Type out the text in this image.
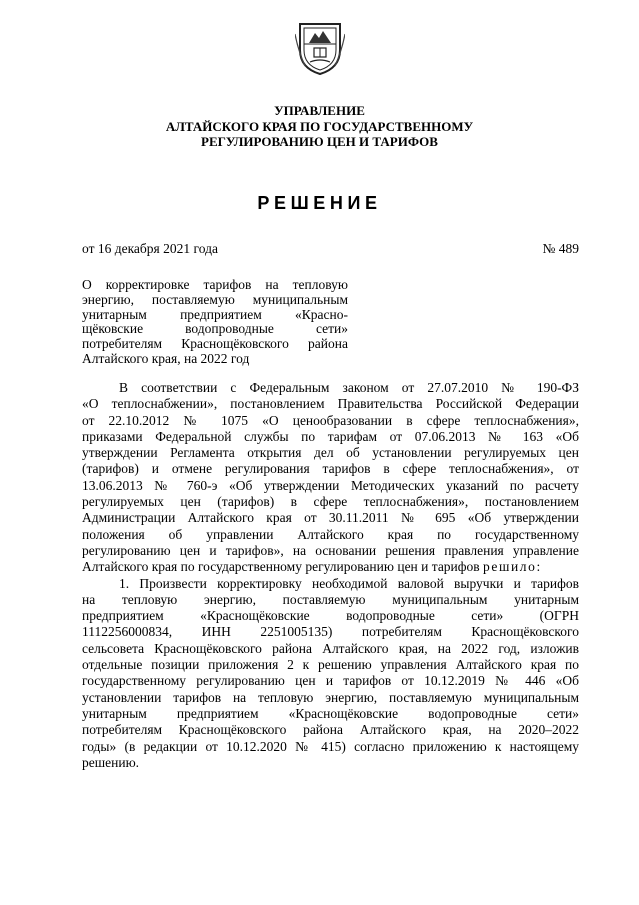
УПРАВЛЕНИЕ
АЛТАЙСКОГО КРАЯ ПО ГОСУДАРСТВЕННОМУ
РЕГУЛИРОВАНИЮ ЦЕН И ТАРИФОВ
РЕШЕНИЕ
от 16 декабря 2021 года	№ 489

О корректировке тарифов на тепловую

энергию, поставляемую муниципальным

унитарным предприятием «Красно-

щёковские водопроводные сети»

потребителям Краснощёковского района

Алтайского края, на 2022 год

В соответствии с Федеральным законом от 27.07.2010 № 190-ФЗ

«О теплоснабжении», постановлением Правительства Российской Федерации

от 22.10.2012 № 1075 «О ценообразовании в сфере теплоснабжения»,

приказами Федеральной службы по тарифам от 07.06.2013 № 163 «Об

утверждении Регламента открытия дел об установлении регулируемых цен

(тарифов) и отмене регулирования тарифов в сфере теплоснабжения», от

13.06.2013 № 760-э «Об утверждении Методических указаний по расчету

регулируемых цен (тарифов) в сфере теплоснабжения», постановлением

Администрации Алтайского края от 30.11.2011 № 695 «Об утверждении

положения об управлении Алтайского края по государственному

регулированию цен и тарифов», на основании решения правления управление

Алтайского края по государственному регулированию цен и тарифов решило:

1. Произвести корректировку необходимой валовой выручки и тарифов

на тепловую энергию, поставляемую муниципальным унитарным

предприятием «Краснощёковские водопроводные сети» (ОГРН

1112256000834, ИНН 2251005135) потребителям Краснощёковского

сельсовета Краснощёковского района Алтайского края, на 2022 год, изложив

отдельные позиции приложения 2 к решению управления Алтайского края по

государственному регулированию цен и тарифов от 10.12.2019 № 446 «Об

установлении тарифов на тепловую энергию, поставляемую муниципальным

унитарным предприятием «Краснощёковские водопроводные сети»

потребителям Краснощёковского района Алтайского края, на 2020–2022

годы» (в редакции от 10.12.2020 № 415) согласно приложению к настоящему

решению.
